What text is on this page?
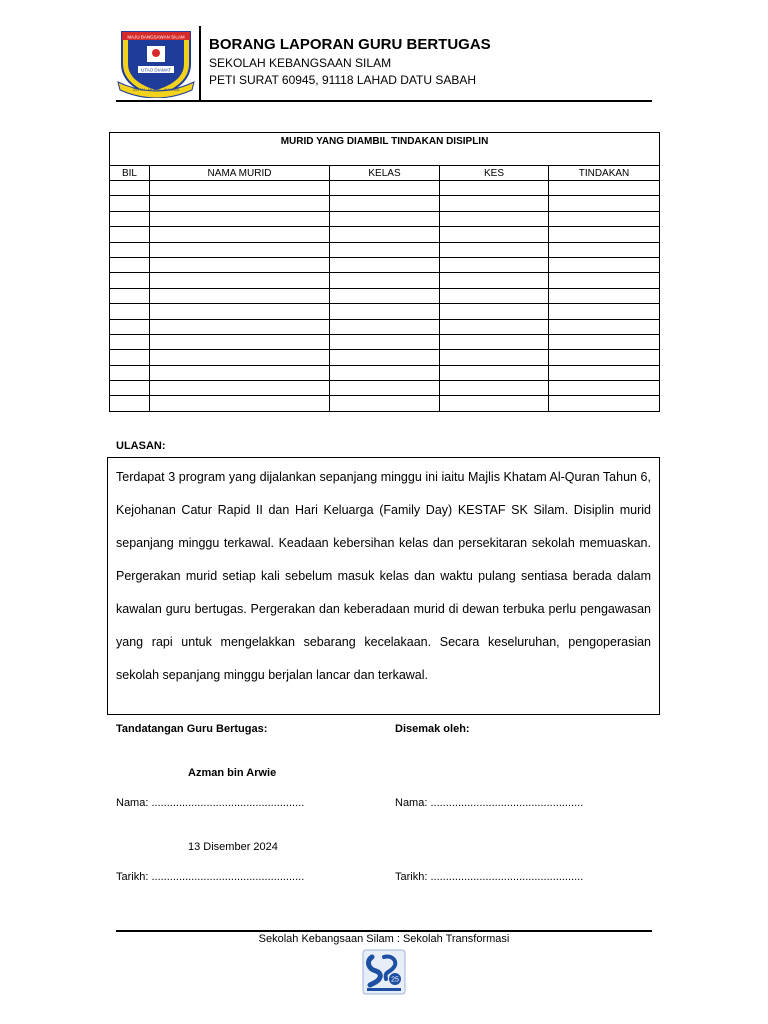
MAJU BANGSAWAN SILAM
UTAO DIAMAT
CINTAI · MURNI · AMALAN
BORANG LAPORAN GURU BERTUGAS
SEKOLAH KEBANGSAAN SILAM
PETI SURAT 60945, 91118 LAHAD DATU SABAH
MURID YANG DIAMBIL TINDAKAN DISIPLIN				
BIL	NAMA MURID	KELAS	KES	TINDAKAN

ULASAN:

Terdapat 3 program yang dijalankan sepanjang minggu ini iaitu Majlis Khatam Al-Quran Tahun 6, Kejohanan Catur Rapid II dan Hari Keluarga (Family Day) KESTAF SK Silam. Disiplin murid sepanjang minggu terkawal. Keadaan kebersihan kelas dan persekitaran sekolah memuaskan. Pergerakan murid setiap kali sebelum masuk kelas dan waktu pulang sentiasa berada dalam kawalan guru bertugas. Pergerakan dan keberadaan murid di dewan terbuka perlu pengawasan yang rapi untuk mengelakkan sebarang kecelakaan. Secara keseluruhan, pengoperasian sekolah sepanjang minggu berjalan lancar dan terkawal.

Tandatangan Guru Bertugas:	Disemak oleh:
Azman bin Arwie
Nama: ..................................................	Nama: ..................................................
13 Disember 2024
Tarikh: ..................................................	Tarikh: ..................................................
Sekolah Kebangsaan Silam : Sekolah Transformasi
25
